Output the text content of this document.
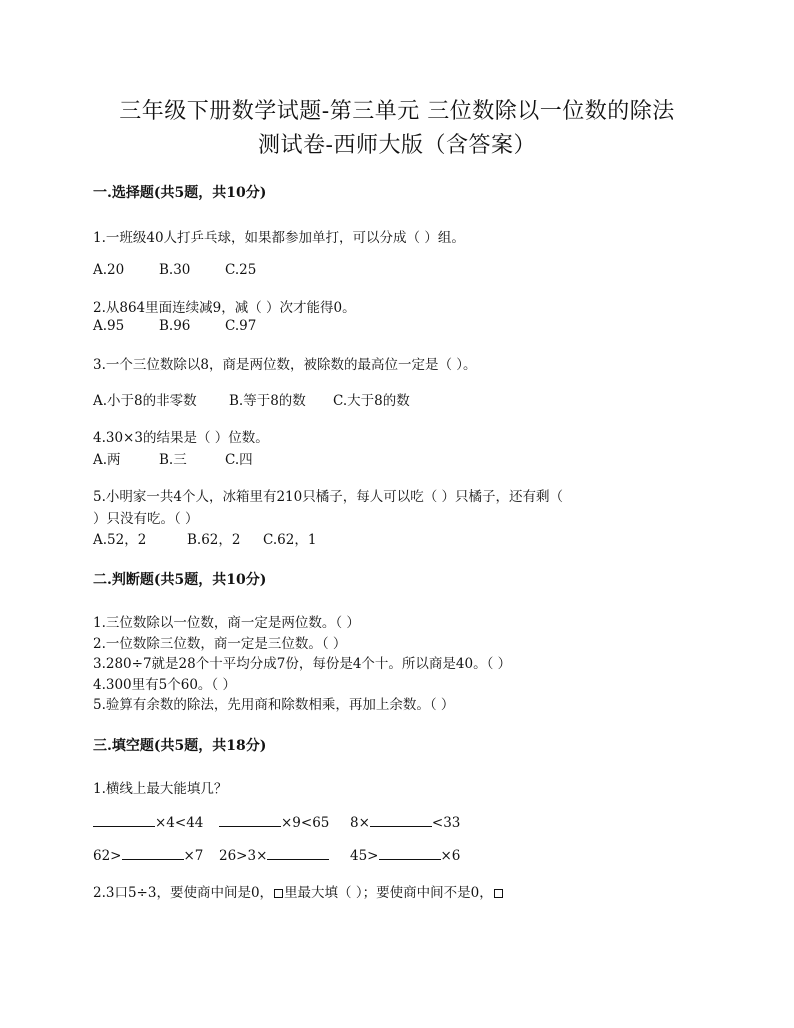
三年级下册数学试题-第三单元 三位数除以一位数的除法
测试卷-西师大版（含答案）
一.选择题(共5题，共10分)
1.一班级40人打乒乓球，如果都参加单打，可以分成（ ）组。
A.20	B.30	C.25
2.从864里面连续减9，减（ ）次才能得0。
A.95	B.96	C.97
3.一个三位数除以8，商是两位数，被除数的最高位一定是（ ）。
A.小于8的非零数 B.等于8的数 C.大于8的数
4.30×3的结果是（ ）位数。
A.两	B.三	C.四
5.小明家一共4个人，冰箱里有210只橘子，每人可以吃（ ）只橘子，还有剩（
）只没有吃。（ ）
A.52，2	B.62，2 C.62，1
二.判断题(共5题，共10分)
1.三位数除以一位数，商一定是两位数。（ ）
2.一位数除三位数，商一定是三位数。（ ）
3.280÷7就是28个十平均分成7份，每份是4个十。所以商是40。（ ）
4.300里有5个60。（ ）
5.验算有余数的除法，先用商和除数相乘，再加上余数。（ ）
三.填空题(共5题，共18分)
1.横线上最大能填几？
×4<44	×9<65 8×	<33
62>	×7 26>3×	45>	×6
2.3口5÷3，要使商中间是0， 里最大填（ ）；要使商中间不是0，
